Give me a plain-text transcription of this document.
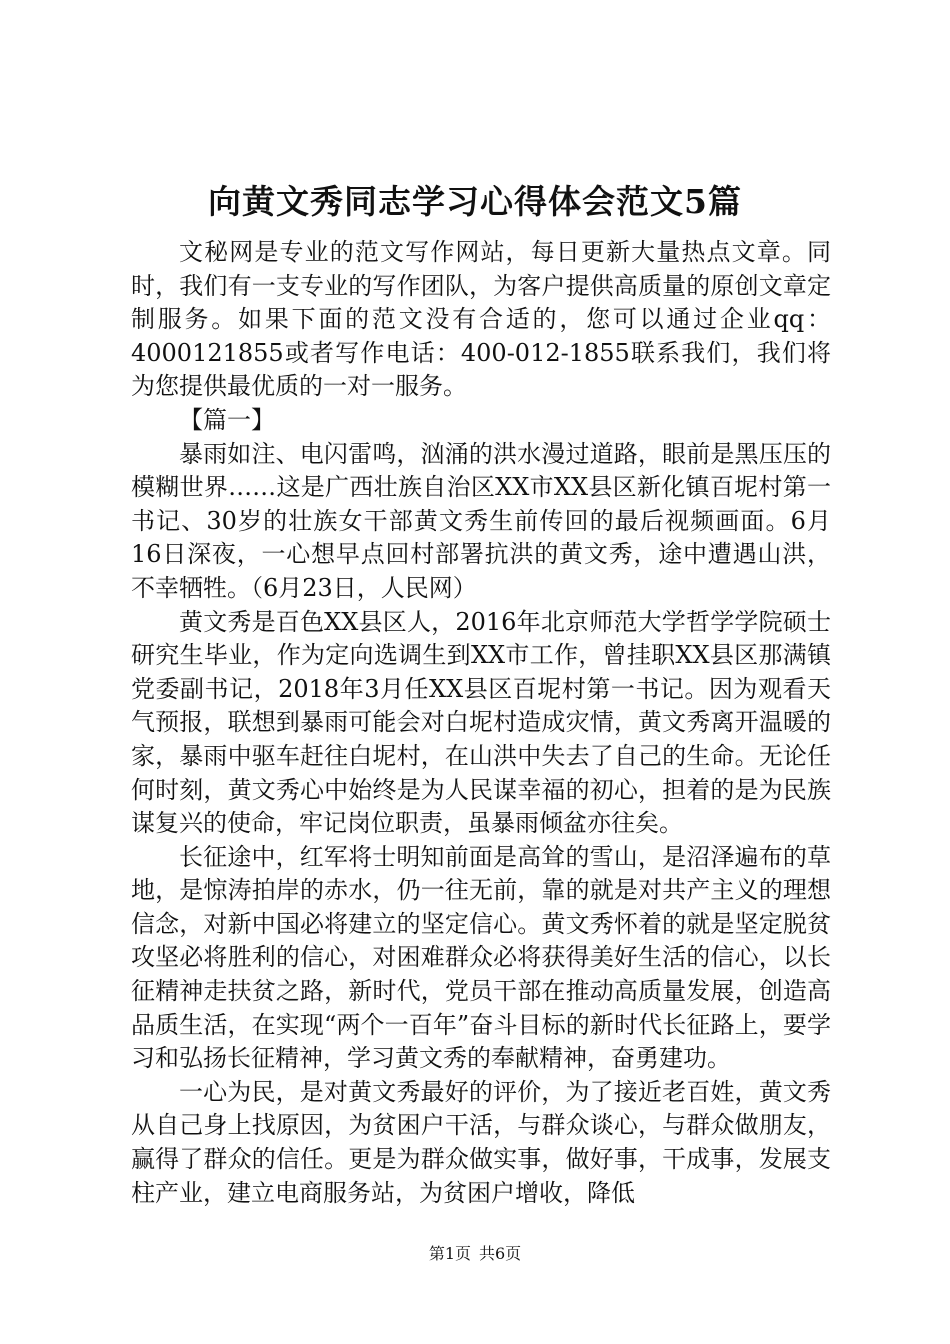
向黄文秀同志学习心得体会范文5篇

文秘网是专业的范文写作网站，每日更新大量热点文章。同时，我们有一支专业的写作团队，为客户提供高质量的原创文章定制服务。如果下面的范文没有合适的，您可以通过企业qq：4000121855或者写作电话：400-012-1855联系我们，我们将为您提供最优质的一对一服务。

【篇一】

暴雨如注、电闪雷鸣，汹涌的洪水漫过道路，眼前是黑压压的模糊世界……这是广西壮族自治区XX市XX县区新化镇百坭村第一书记、30岁的壮族女干部黄文秀生前传回的最后视频画面。6月16日深夜，一心想早点回村部署抗洪的黄文秀，途中遭遇山洪，不幸牺牲。（6月23日，人民网）

黄文秀是百色XX县区人，2016年北京师范大学哲学学院硕士研究生毕业，作为定向选调生到XX市工作，曾挂职XX县区那满镇党委副书记，2018年3月任XX县区百坭村第一书记。因为观看天气预报，联想到暴雨可能会对白坭村造成灾情，黄文秀离开温暖的家，暴雨中驱车赶往白坭村，在山洪中失去了自己的生命。无论任何时刻，黄文秀心中始终是为人民谋幸福的初心，担着的是为民族谋复兴的使命，牢记岗位职责，虽暴雨倾盆亦往矣。

长征途中，红军将士明知前面是高耸的雪山，是沼泽遍布的草地，是惊涛拍岸的赤水，仍一往无前，靠的就是对共产主义的理想信念，对新中国必将建立的坚定信心。黄文秀怀着的就是坚定脱贫攻坚必将胜利的信心，对困难群众必将获得美好生活的信心，以长征精神走扶贫之路，新时代，党员干部在推动高质量发展，创造高品质生活，在实现“两个一百年”奋斗目标的新时代长征路上，要学习和弘扬长征精神，学习黄文秀的奉献精神，奋勇建功。

一心为民，是对黄文秀最好的评价，为了接近老百姓，黄文秀从自己身上找原因，为贫困户干活，与群众谈心，与群众做朋友，赢得了群众的信任。更是为群众做实事，做好事，干成事，发展支柱产业，建立电商服务站，为贫困户增收，降低

第1页 共6页
